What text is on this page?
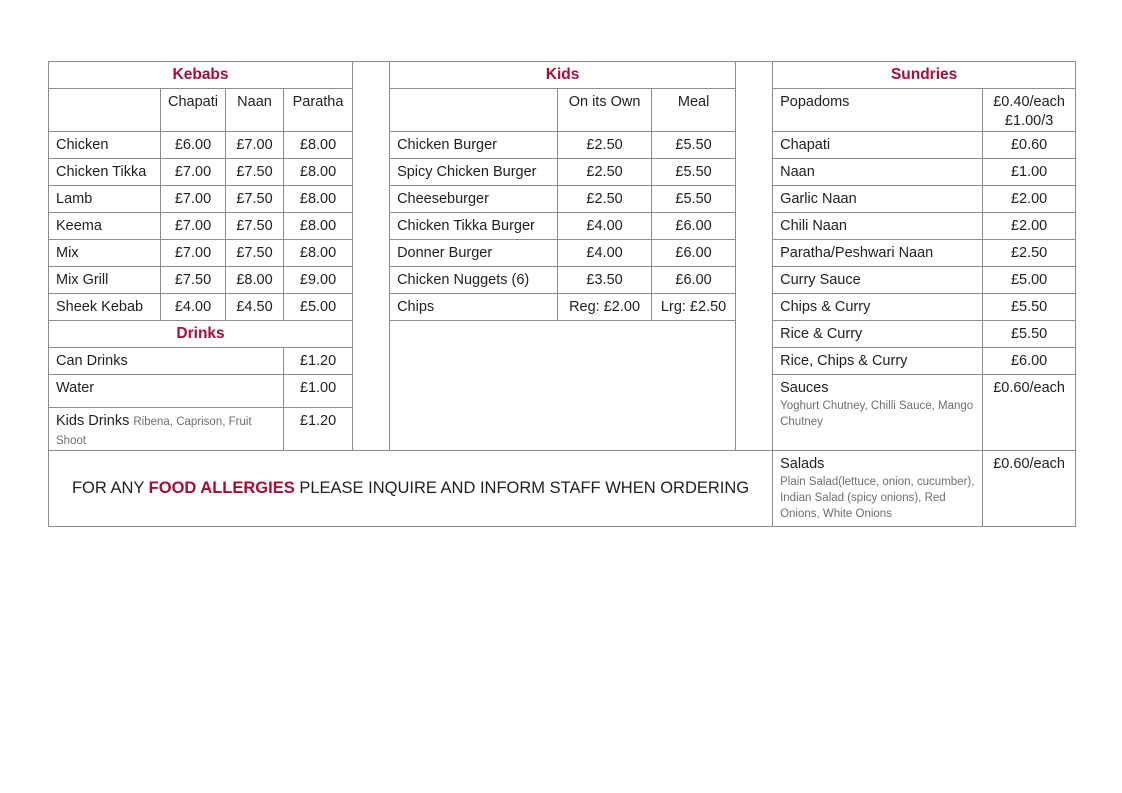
Kebabs					Kids				Sundries	
	Chapati	Naan	Paratha			On its Own	Meal		Popadoms	£0.40/each
£1.00/3

Chicken	£6.00	£7.00	£8.00		Chicken Burger	£2.50	£5.50		Chapati	£0.60
Chicken Tikka	£7.00	£7.50	£8.00		Spicy Chicken Burger	£2.50	£5.50		Naan	£1.00
Lamb	£7.00	£7.50	£8.00		Cheeseburger	£2.50	£5.50		Garlic Naan	£2.00
Keema	£7.00	£7.50	£8.00		Chicken Tikka Burger	£4.00	£6.00		Chili Naan	£2.00
Mix	£7.00	£7.50	£8.00		Donner Burger	£4.00	£6.00		Paratha/Peshwari Naan	£2.50
Mix Grill	£7.50	£8.00	£9.00		Chicken Nuggets (6)	£3.50	£6.00		Curry Sauce	£5.00
Sheek Kebab	£4.00	£4.50	£5.00		Chips	Reg: £2.00	Lrg: £2.50		Chips & Curry	£5.50
Drinks									Rice & Curry	£5.50
Can Drinks			£1.20						Rice, Chips & Curry	£6.00
Water			£1.00						Sauces
Yoghurt Chutney, Chilli Sauce, Mango Chutney	£0.60/each
Kids Drinks Ribena, Caprison, Fruit Shoot			£1.20							
FOR ANY FOOD ALLERGIES PLEASE INQUIRE AND INFORM STAFF WHEN ORDERING									Salads
Plain Salad(lettuce, onion, cucumber), Indian Salad (spicy onions), Red Onions, White Onions	£0.60/each
